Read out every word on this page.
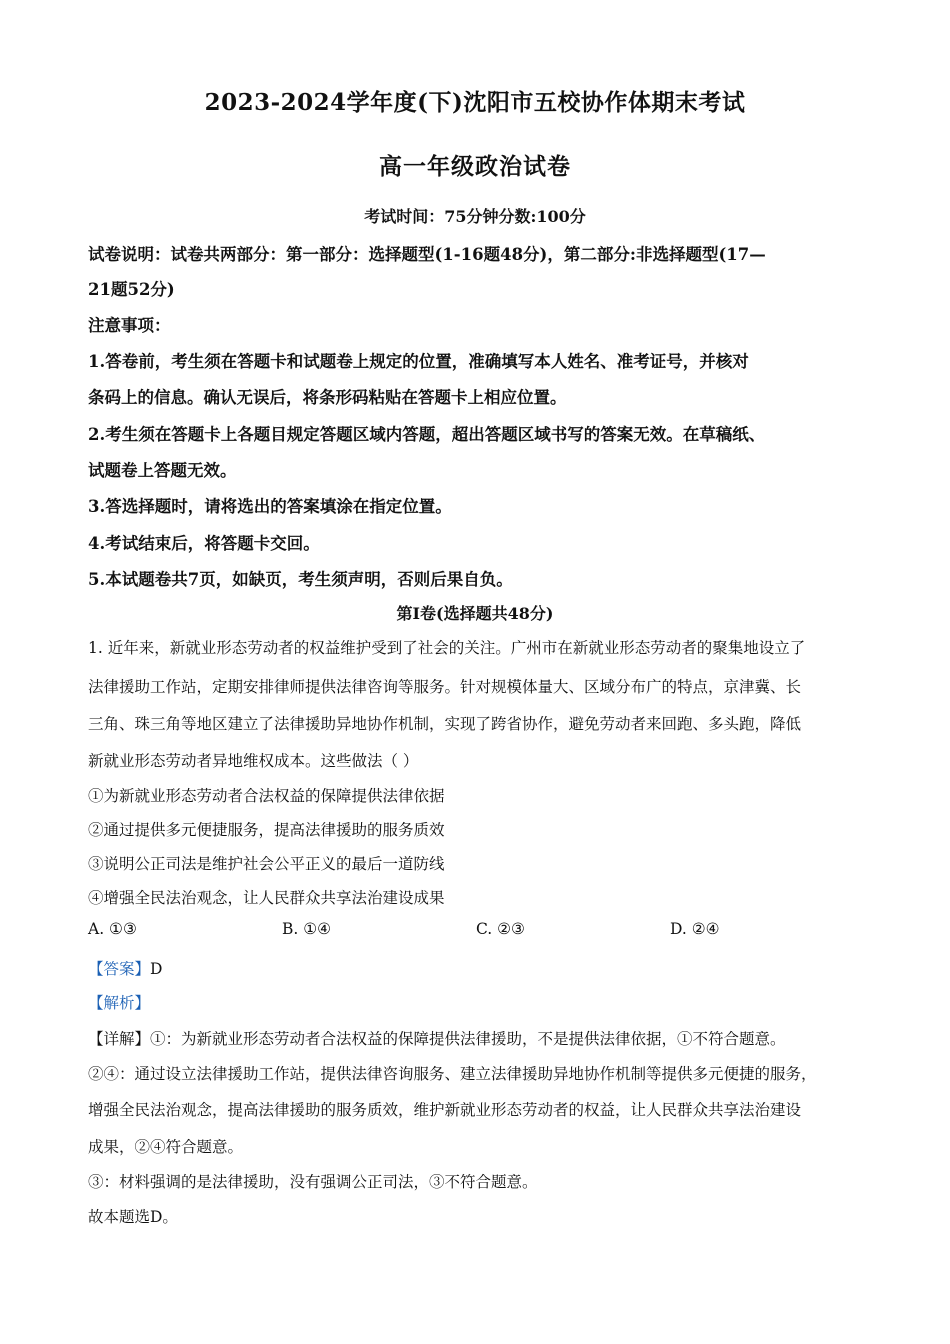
2023-2024学年度(下)沈阳市五校协作体期末考试
高一年级政治试卷
考试时间：75分钟分数:100分
试卷说明：试卷共两部分：第一部分：选择题型(1-16题48分)，第二部分:非选择题型(17—
21题52分)
注意事项：
1.答卷前，考生须在答题卡和试题卷上规定的位置，准确填写本人姓名、准考证号，并核对
条码上的信息。确认无误后，将条形码粘贴在答题卡上相应位置。
2.考生须在答题卡上各题目规定答题区域内答题，超出答题区域书写的答案无效。在草稿纸、
试题卷上答题无效。
3.答选择题时，请将选出的答案填涂在指定位置。
4.考试结束后，将答题卡交回。
5.本试题卷共7页，如缺页，考生须声明，否则后果自负。
第Ⅰ卷(选择题共48分)
1. 近年来，新就业形态劳动者的权益维护受到了社会的关注。广州市在新就业形态劳动者的聚集地设立了
法律援助工作站，定期安排律师提供法律咨询等服务。针对规模体量大、区域分布广的特点，京津冀、长
三角、珠三角等地区建立了法律援助异地协作机制，实现了跨省协作，避免劳动者来回跑、多头跑，降低
新就业形态劳动者异地维权成本。这些做法（ ）
①为新就业形态劳动者合法权益的保障提供法律依据
②通过提供多元便捷服务，提高法律援助的服务质效
③说明公正司法是维护社会公平正义的最后一道防线
④增强全民法治观念，让人民群众共享法治建设成果
A. ①③	B. ①④	C. ②③	D. ②④
【答案】D
【解析】
【详解】①：为新就业形态劳动者合法权益的保障提供法律援助，不是提供法律依据，①不符合题意。
②④：通过设立法律援助工作站，提供法律咨询服务、建立法律援助异地协作机制等提供多元便捷的服务，
增强全民法治观念，提高法律援助的服务质效，维护新就业形态劳动者的权益，让人民群众共享法治建设
成果，②④符合题意。
③：材料强调的是法律援助，没有强调公正司法，③不符合题意。
故本题选D。
